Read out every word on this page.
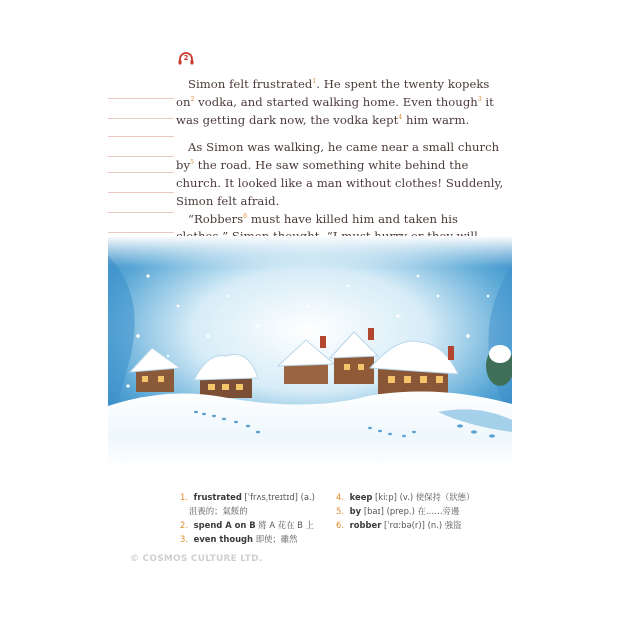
2

Simon felt frustrated$^1$. He spent the twenty kopeks $on^2$ vodka, and started walking home. Even though$^3$ it was getting dark now, the vodka kept$^4$ him warm.

As Simon was walking, he came near a small church $by^5$ the road. He saw something white behind the church. It looked like a man without clothes! Suddenly, Simon felt afraid.

“Robbers$^6$ must have killed him and taken his

1. frustrated [ˈfrʌsˌtreɪtɪd] (a.)
沮喪的；氣餒的
2. spend A on B 將 A 花在 B 上
3. even though 即使；雖然
4. keep [kiːp] (v.) 使保持（狀態）
5. by [baɪ] (prep.) 在……旁邊
6. robber [ˈrɑːbə(r)] (n.) 強盜
© COSMOS CULTURE LTD.
